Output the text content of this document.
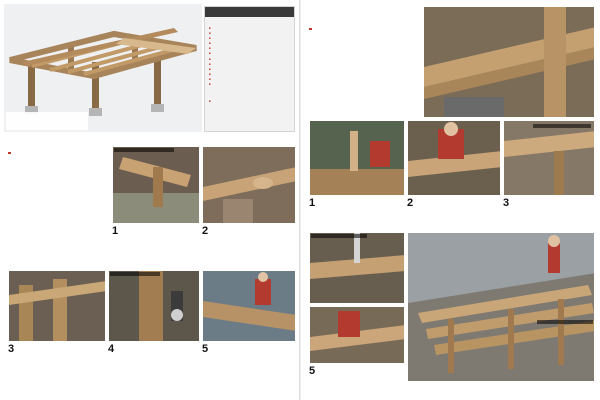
■
■
■
■
■
■
■
■
■
■
■
■
■
1	2
3	4	5
1	2	3
5
